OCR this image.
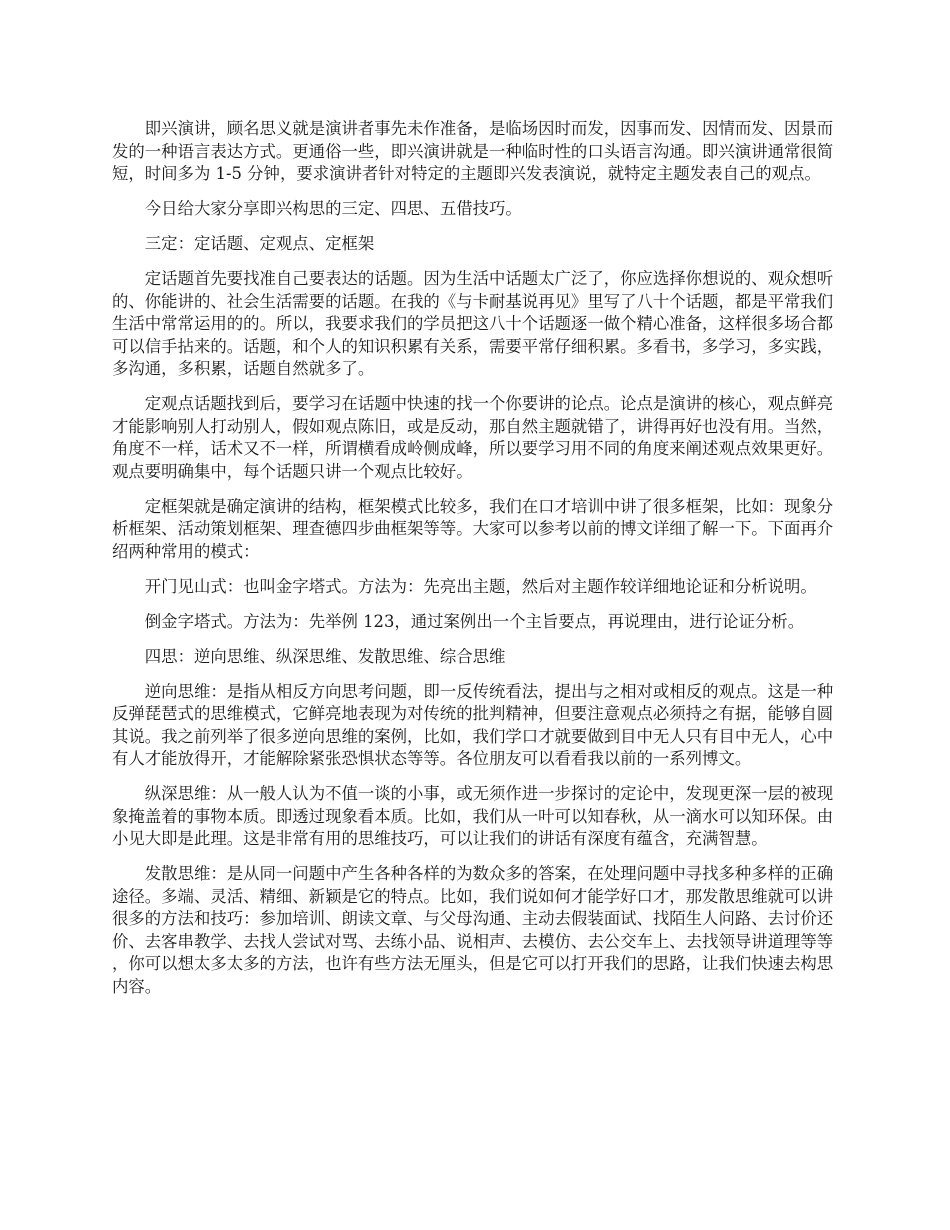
即兴演讲，顾名思义就是演讲者事先未作准备，是临场因时而发，因事而发、因情而发、因景而发的一种语言表达方式。更通俗一些，即兴演讲就是一种临时性的口头语言沟通。即兴演讲通常很简短，时间多为 1-5 分钟，要求演讲者针对特定的主题即兴发表演说，就特定主题发表自己的观点。

今日给大家分享即兴构思的三定、四思、五借技巧。

三定：定话题、定观点、定框架

定话题首先要找准自己要表达的话题。因为生活中话题太广泛了，你应选择你想说的、观众想听的、你能讲的、社会生活需要的话题。在我的《与卡耐基说再见》里写了八十个话题，都是平常我们生活中常常运用的的。所以，我要求我们的学员把这八十个话题逐一做个精心准备，这样很多场合都可以信手拈来的。话题，和个人的知识积累有关系，需要平常仔细积累。多看书，多学习，多实践，多沟通，多积累，话题自然就多了。

定观点话题找到后，要学习在话题中快速的找一个你要讲的论点。论点是演讲的核心，观点鲜亮才能影响别人打动别人，假如观点陈旧，或是反动，那自然主题就错了，讲得再好也没有用。当然，角度不一样，话术又不一样，所谓横看成岭侧成峰，所以要学习用不同的角度来阐述观点效果更好。观点要明确集中，每个话题只讲一个观点比较好。

定框架就是确定演讲的结构，框架模式比较多，我们在口才培训中讲了很多框架，比如：现象分析框架、活动策划框架、理查德四步曲框架等等。大家可以参考以前的博文详细了解一下。下面再介绍两种常用的模式：

开门见山式：也叫金字塔式。方法为：先亮出主题，然后对主题作较详细地论证和分析说明。

倒金字塔式。方法为：先举例 123，通过案例出一个主旨要点，再说理由，进行论证分析。

四思：逆向思维、纵深思维、发散思维、综合思维

逆向思维：是指从相反方向思考问题，即一反传统看法，提出与之相对或相反的观点。这是一种反弹琵琶式的思维模式，它鲜亮地表现为对传统的批判精神，但要注意观点必须持之有据，能够自圆其说。我之前列举了很多逆向思维的案例，比如，我们学口才就要做到目中无人只有目中无人，心中有人才能放得开，才能解除紧张恐惧状态等等。各位朋友可以看看我以前的一系列博文。

纵深思维：从一般人认为不值一谈的小事，或无须作进一步探讨的定论中，发现更深一层的被现象掩盖着的事物本质。即透过现象看本质。比如，我们从一叶可以知春秋，从一滴水可以知环保。由小见大即是此理。这是非常有用的思维技巧，可以让我们的讲话有深度有蕴含，充满智慧。

发散思维：是从同一问题中产生各种各样的为数众多的答案，在处理问题中寻找多种多样的正确途径。多端、灵活、精细、新颖是它的特点。比如，我们说如何才能学好口才，那发散思维就可以讲很多的方法和技巧：参加培训、朗读文章、与父母沟通、主动去假装面试、找陌生人问路、去讨价还价、去客串教学、去找人尝试对骂、去练小品、说相声、去模仿、去公交车上、去找领导讲道理等等，你可以想太多太多的方法，也许有些方法无厘头，但是它可以打开我们的思路，让我们快速去构思内容。
